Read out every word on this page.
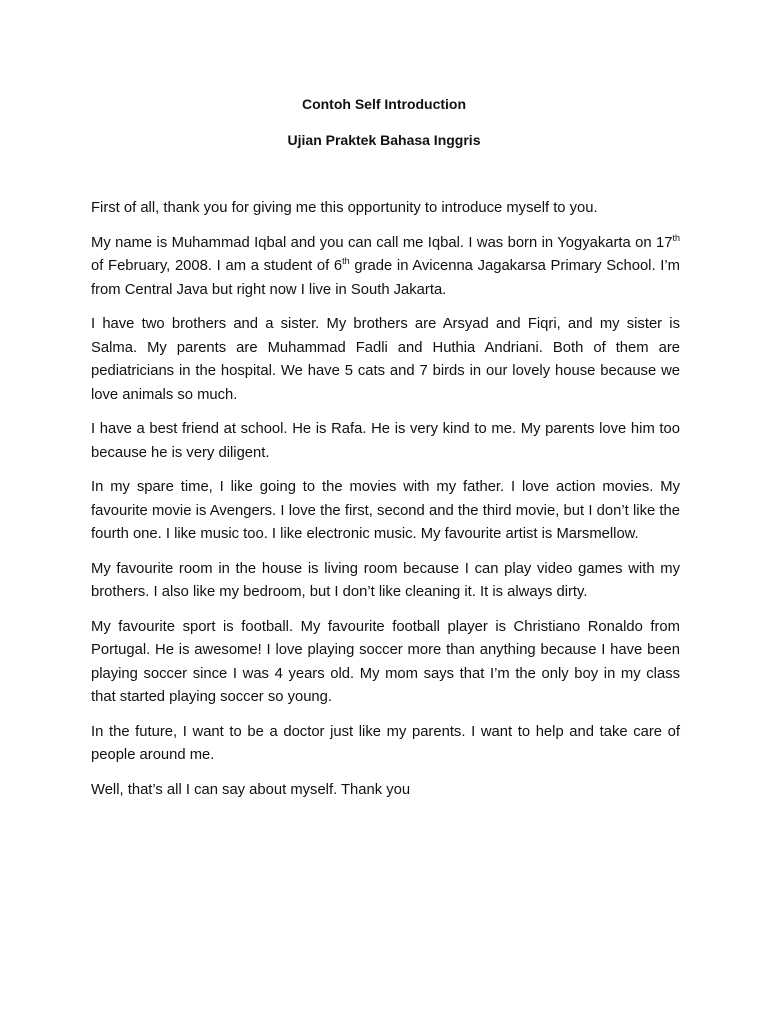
Contoh Self Introduction
Ujian Praktek Bahasa Inggris

First of all, thank you for giving me this opportunity to introduce myself to you.

My name is Muhammad Iqbal and you can call me Iqbal. I was born in Yogyakarta on 17th of February, 2008. I am a student of 6th grade in Avicenna Jagakarsa Primary School. I’m from Central Java but right now I live in South Jakarta.

I have two brothers and a sister. My brothers are Arsyad and Fiqri, and my sister is Salma. My parents are Muhammad Fadli and Huthia Andriani. Both of them are pediatricians in the hospital. We have 5 cats and 7 birds in our lovely house because we love animals so much.

I have a best friend at school. He is Rafa. He is very kind to me. My parents love him too because he is very diligent.

In my spare time, I like going to the movies with my father. I love action movies. My favourite movie is Avengers. I love the first, second and the third movie, but I don’t like the fourth one. I like music too. I like electronic music. My favourite artist is Marsmellow.

My favourite room in the house is living room because I can play video games with my brothers. I also like my bedroom, but I don’t like cleaning it. It is always dirty.

My favourite sport is football. My favourite football player is Christiano Ronaldo from Portugal. He is awesome! I love playing soccer more than anything because I have been playing soccer since I was 4 years old. My mom says that I’m the only boy in my class that started playing soccer so young.

In the future, I want to be a doctor just like my parents. I want to help and take care of people around me.

Well, that’s all I can say about myself. Thank you
